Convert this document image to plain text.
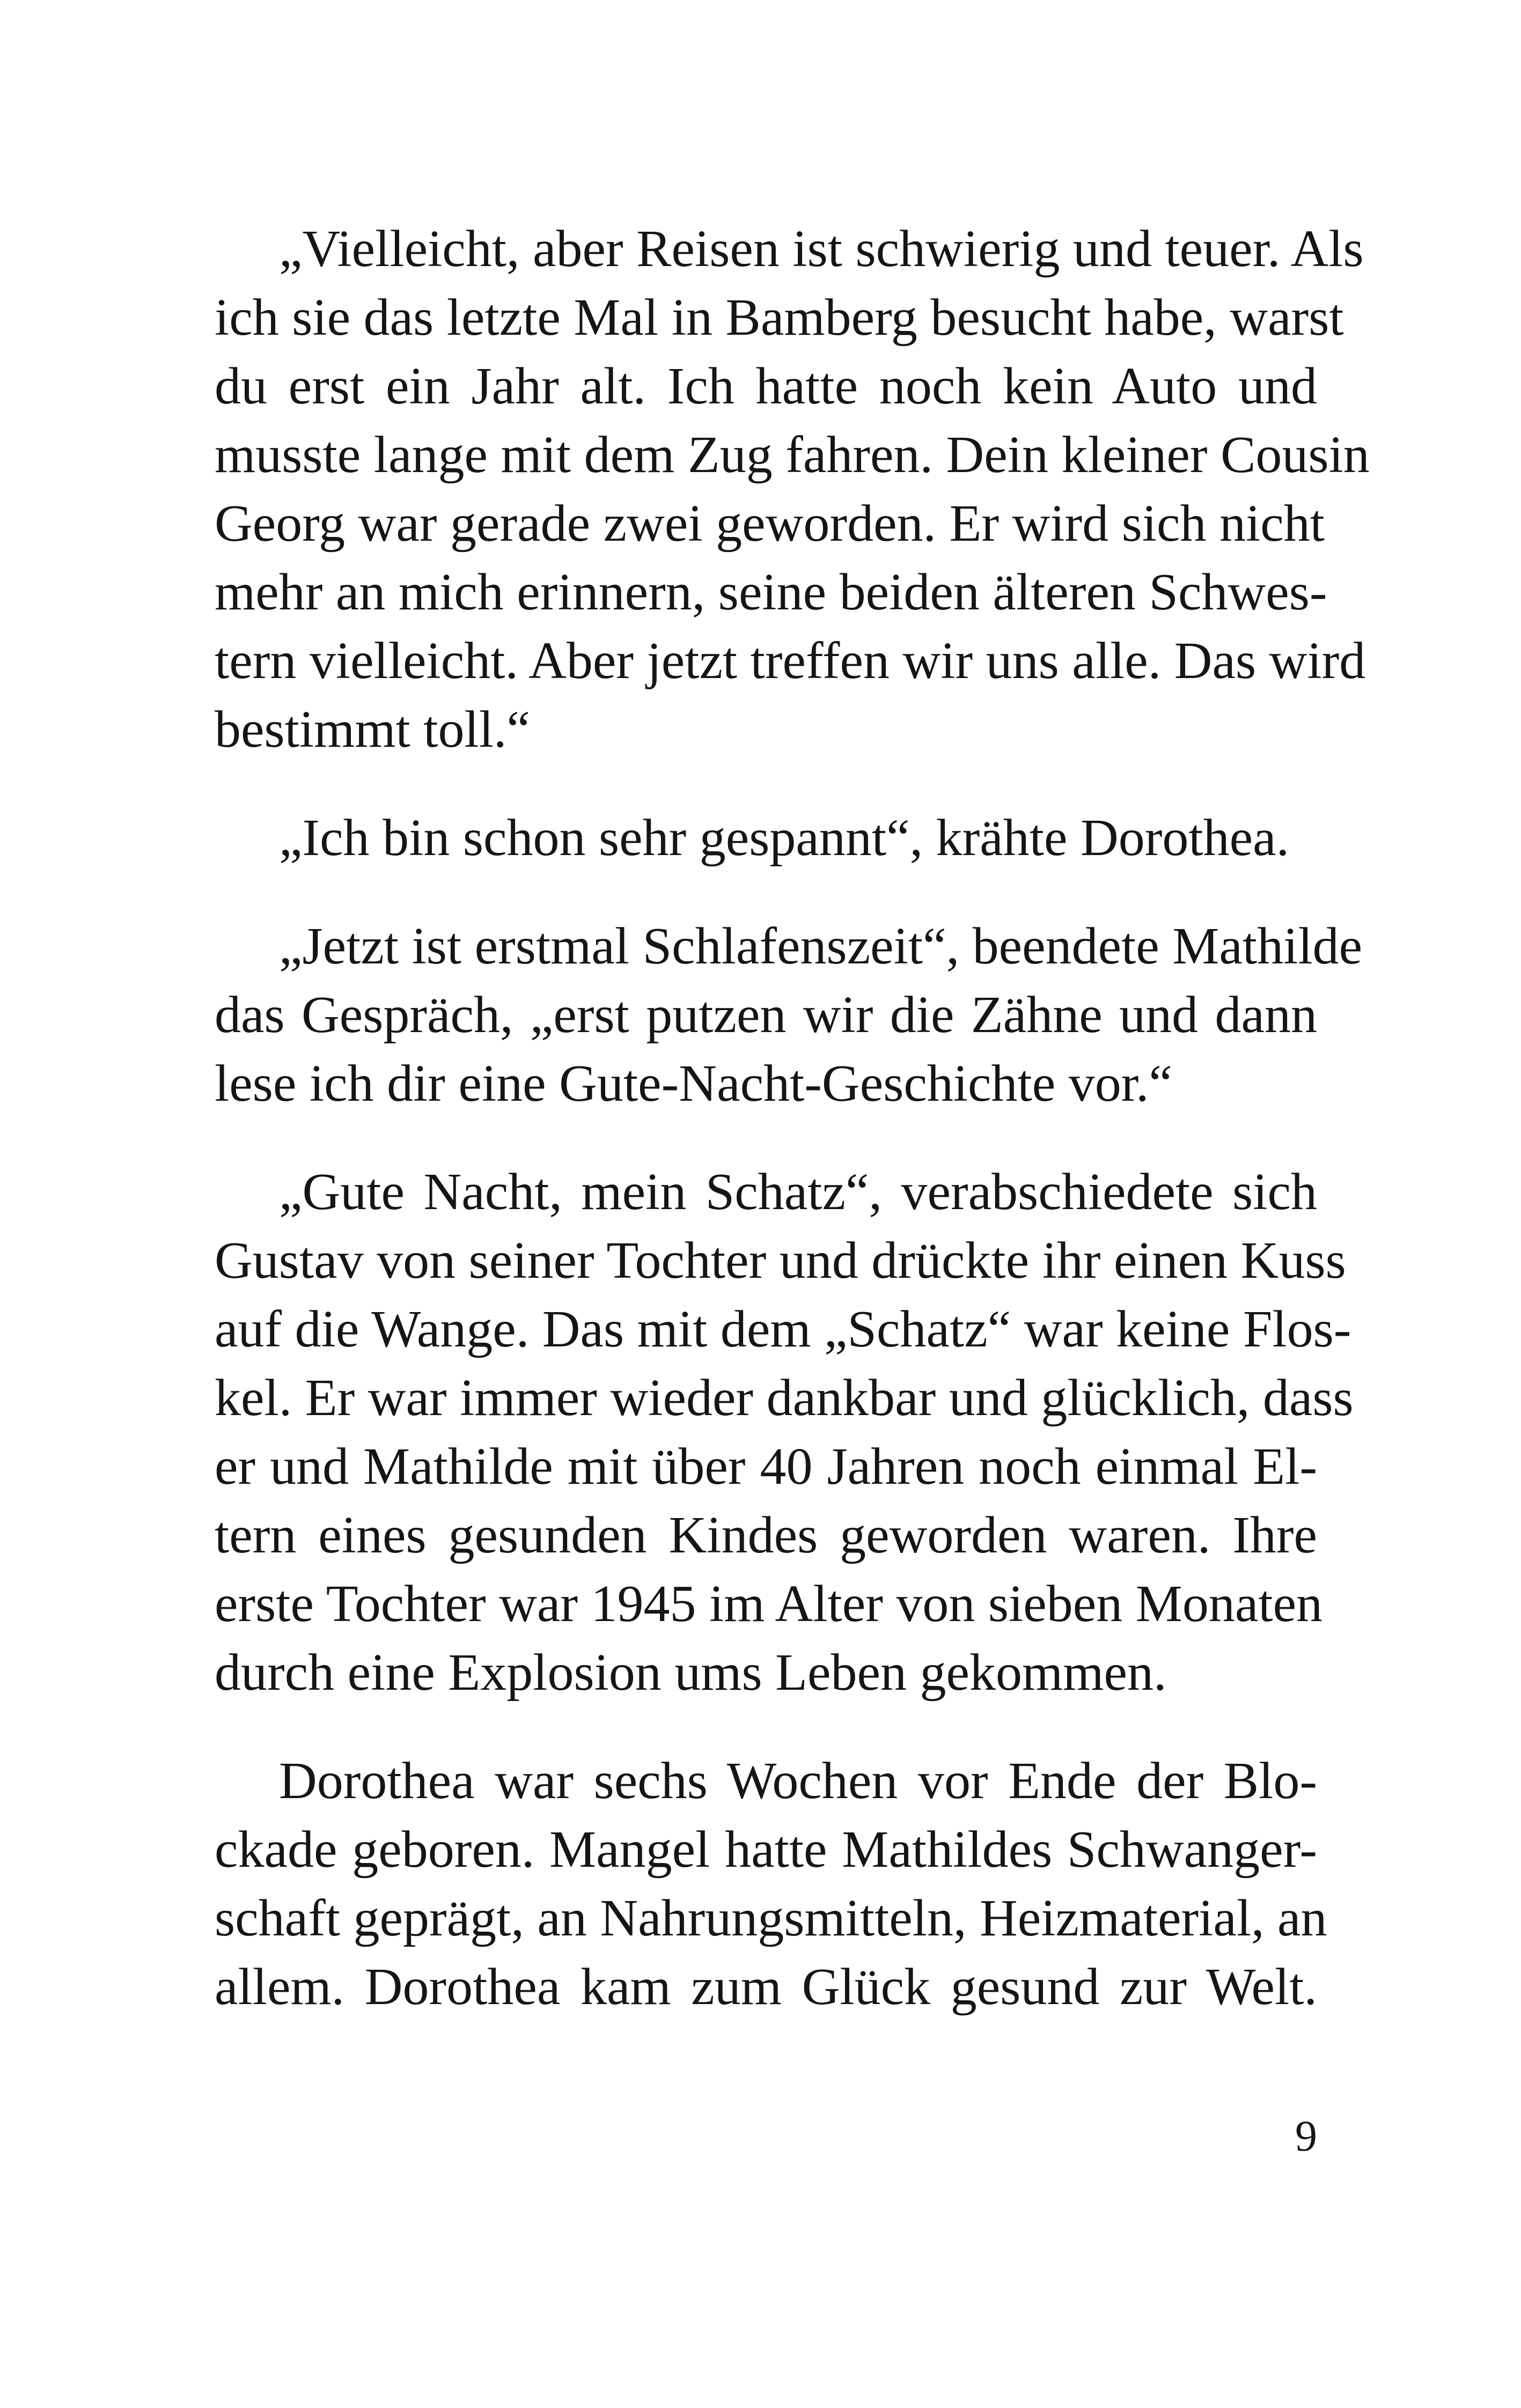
„Vielleicht, aber Reisen ist schwierig und teuer. Als
ich sie das letzte Mal in Bamberg besucht habe, warst
du erst ein Jahr alt. Ich hatte noch kein Auto und
musste lange mit dem Zug fahren. Dein kleiner Cousin
Georg war gerade zwei geworden. Er wird sich nicht
mehr an mich erinnern, seine beiden älteren Schwes-
tern vielleicht. Aber jetzt treffen wir uns alle. Das wird
bestimmt toll.“
„Ich bin schon sehr gespannt“, krähte Dorothea.
„Jetzt ist erstmal Schlafenszeit“, beendete Mathilde
das Gespräch, „erst putzen wir die Zähne und dann
lese ich dir eine Gute-Nacht-Geschichte vor.“
„Gute Nacht, mein Schatz“, verabschiedete sich
Gustav von seiner Tochter und drückte ihr einen Kuss
auf die Wange. Das mit dem „Schatz“ war keine Flos-
kel. Er war immer wieder dankbar und glücklich, dass
er und Mathilde mit über 40 Jahren noch einmal El-
tern eines gesunden Kindes geworden waren. Ihre
erste Tochter war 1945 im Alter von sieben Monaten
durch eine Explosion ums Leben gekommen.
Dorothea war sechs Wochen vor Ende der Blo-
ckade geboren. Mangel hatte Mathildes Schwanger-
schaft geprägt, an Nahrungsmitteln, Heizmaterial, an
allem. Dorothea kam zum Glück gesund zur Welt.
9
